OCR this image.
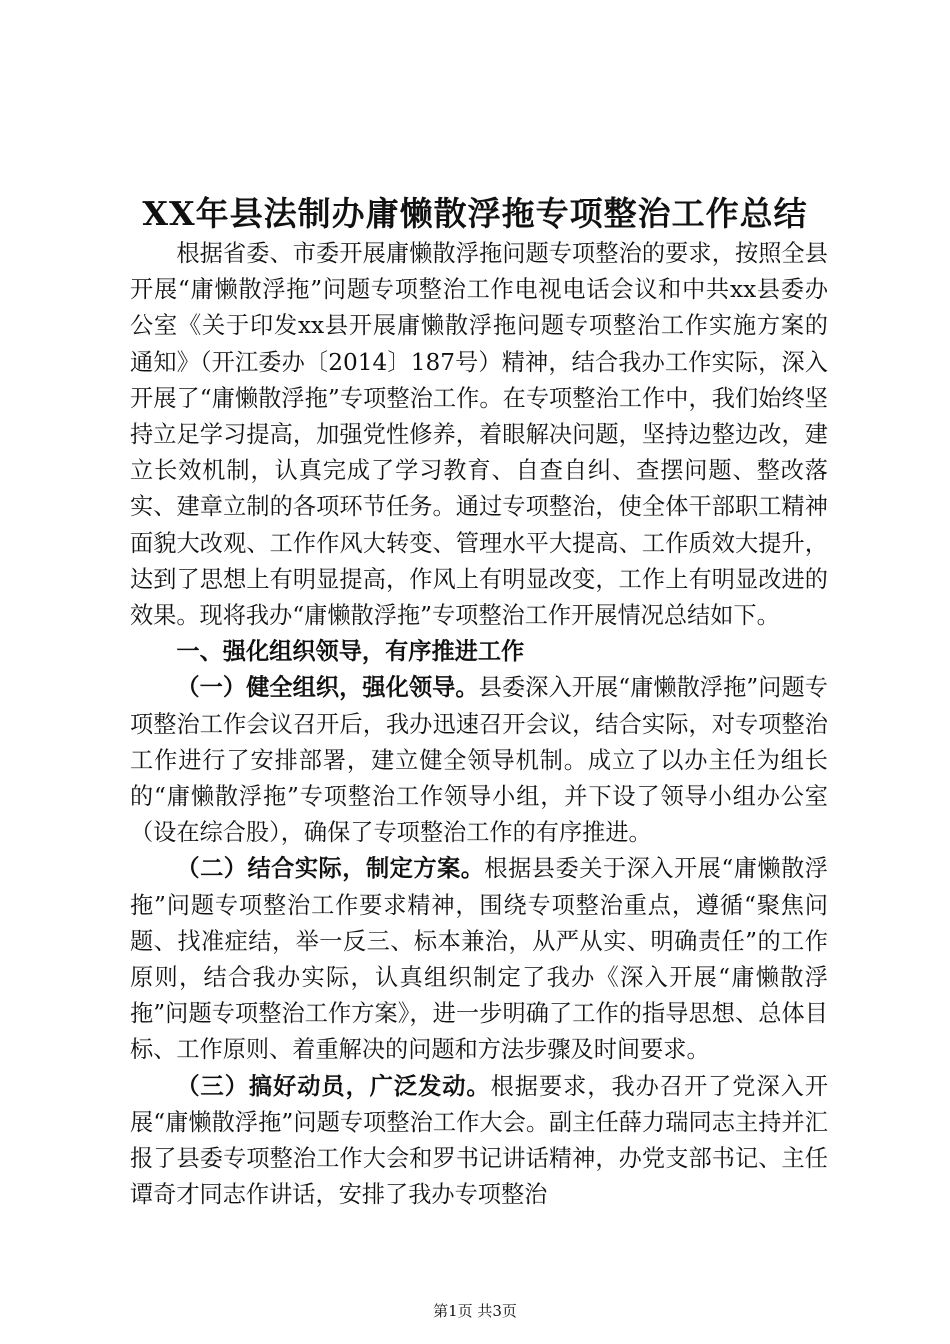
XX年县法制办庸懒散浮拖专项整治工作总结

根据省委、市委开展庸懒散浮拖问题专项整治的要求，按照全县开展“庸懒散浮拖”问题专项整治工作电视电话会议和中共xx县委办公室《关于印发xx县开展庸懒散浮拖问题专项整治工作实施方案的通知》（开江委办〔2014〕187号）精神，结合我办工作实际，深入开展了“庸懒散浮拖”专项整治工作。在专项整治工作中，我们始终坚持立足学习提高，加强党性修养，着眼解决问题，坚持边整边改，建立长效机制，认真完成了学习教育、自查自纠、查摆问题、整改落实、建章立制的各项环节任务。通过专项整治，使全体干部职工精神面貌大改观、工作作风大转变、管理水平大提高、工作质效大提升，达到了思想上有明显提高，作风上有明显改变，工作上有明显改进的效果。现将我办“庸懒散浮拖”专项整治工作开展情况总结如下。

一、强化组织领导，有序推进工作

（一）健全组织，强化领导。县委深入开展“庸懒散浮拖”问题专项整治工作会议召开后，我办迅速召开会议，结合实际，对专项整治工作进行了安排部署，建立健全领导机制。成立了以办主任为组长的“庸懒散浮拖”专项整治工作领导小组，并下设了领导小组办公室（设在综合股），确保了专项整治工作的有序推进。

（二）结合实际，制定方案。根据县委关于深入开展“庸懒散浮拖”问题专项整治工作要求精神，围绕专项整治重点，遵循“聚焦问题、找准症结，举一反三、标本兼治，从严从实、明确责任”的工作原则，结合我办实际，认真组织制定了我办《深入开展“庸懒散浮拖”问题专项整治工作方案》，进一步明确了工作的指导思想、总体目标、工作原则、着重解决的问题和方法步骤及时间要求。

（三）搞好动员，广泛发动。根据要求，我办召开了党深入开展“庸懒散浮拖”问题专项整治工作大会。副主任薛力瑞同志主持并汇报了县委专项整治工作大会和罗书记讲话精神，办党支部书记、主任谭奇才同志作讲话，安排了我办专项整治

第1页 共3页
